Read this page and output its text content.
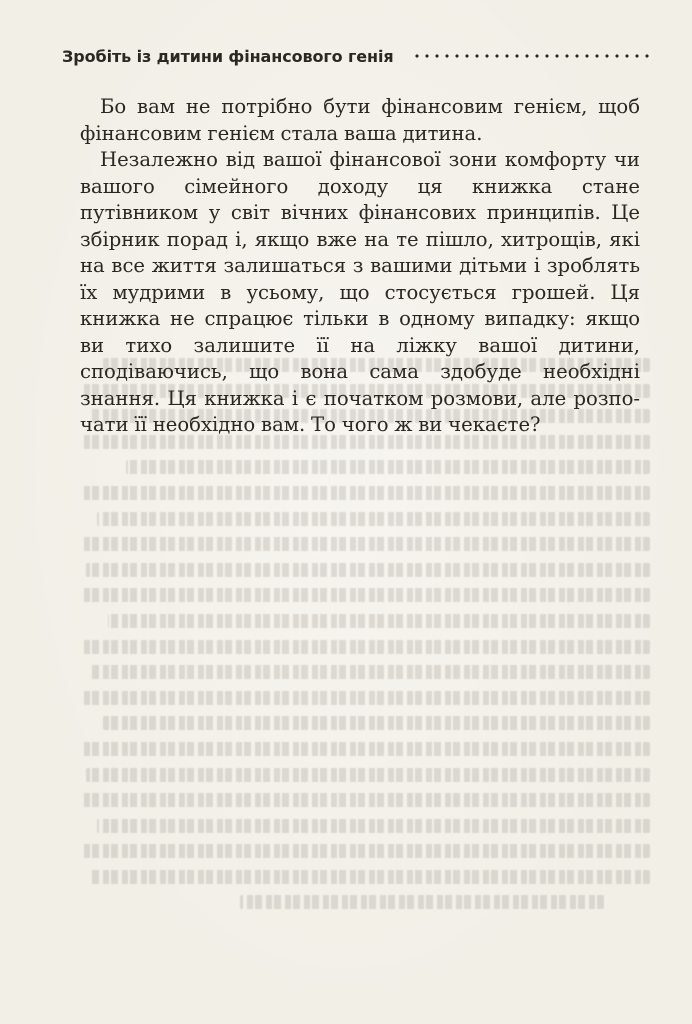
Зробіть із дитини фінансового генія

Бо вам не потрібно бути фінансовим генієм, щоб фінансовим генієм стала ваша дитина.

Незалежно від вашої фінансової зони комфорту чи вашого сімейного доходу ця книжка стане путівником у світ вічних фінансових принципів. Це збірник порад і, якщо вже на те пішло, хитрощів, які на все життя залишаться з вашими дітьми і зроблять їх мудрими в усьому, що стосується грошей. Ця книжка не спрацює тільки в одному випадку: якщо ви тихо залишите її на ліжку вашої дитини, сподіваючись, що вона сама здобуде необхідні знання. Ця книжка і є початком розмови, але розпочати її необхідно вам. То чого ж ви чекаєте?
